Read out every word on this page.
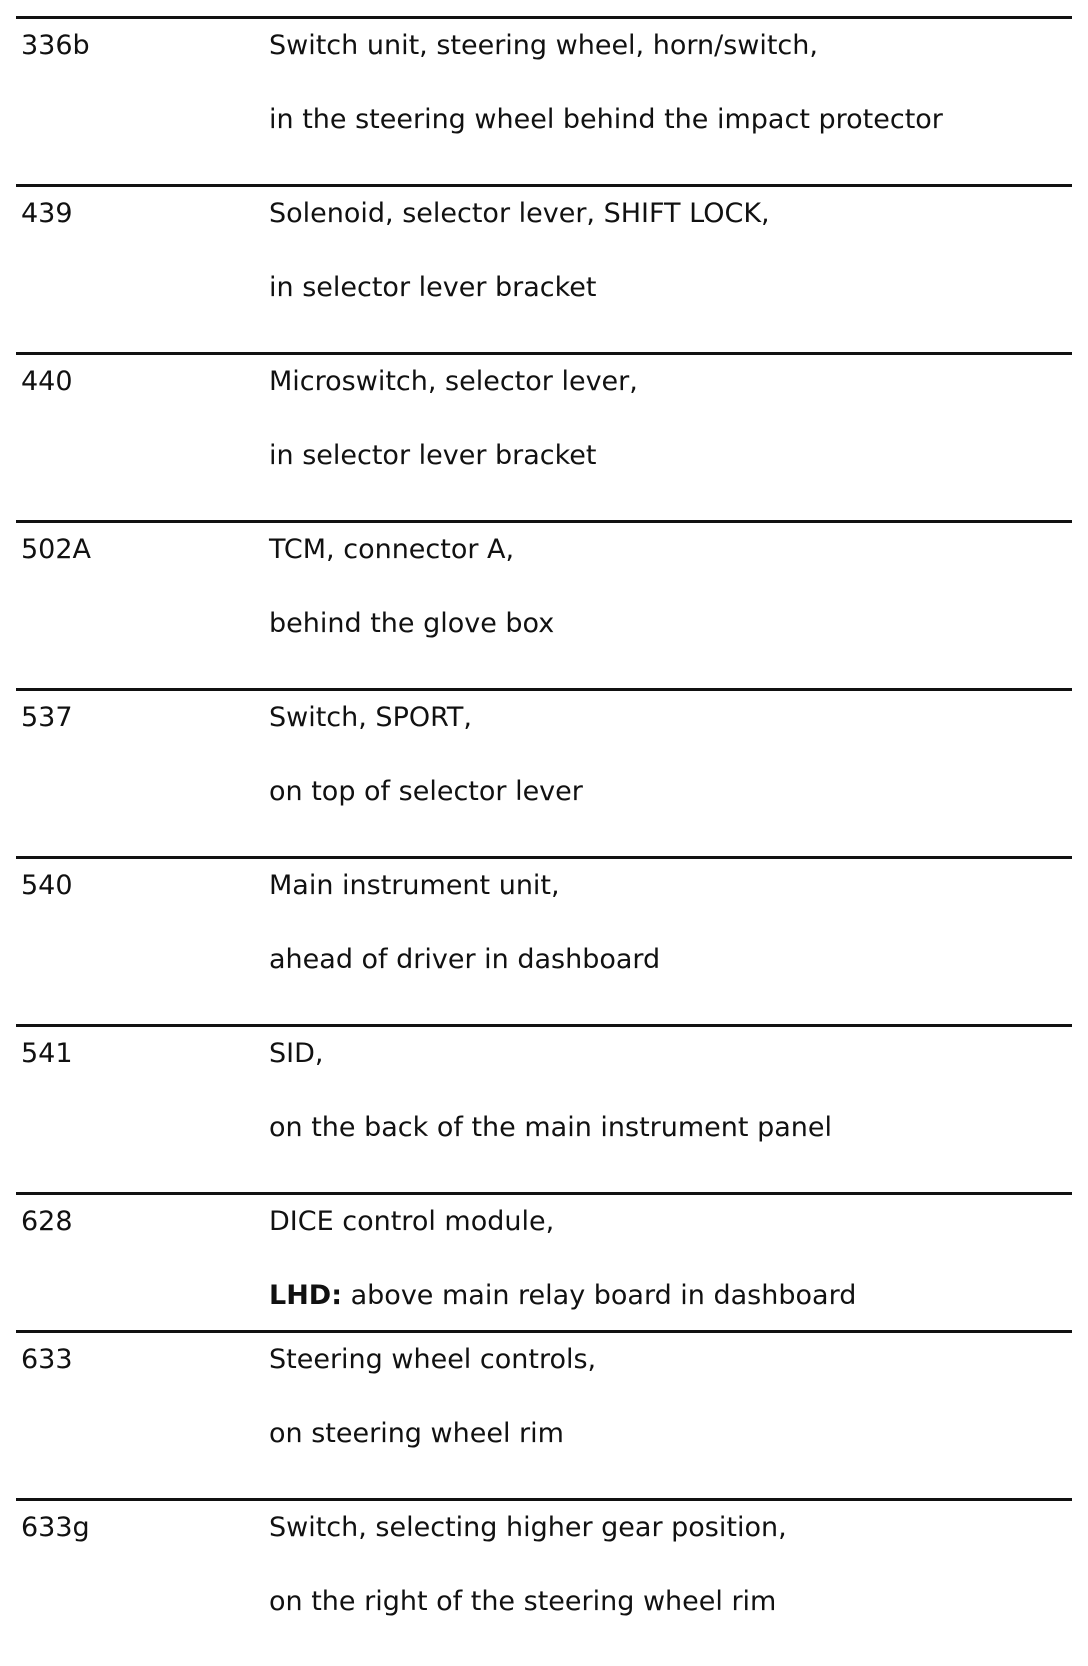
336b	Switch unit, steering wheel, horn/switch,
in the steering wheel behind the impact protector
439	Solenoid, selector lever, SHIFT LOCK,
in selector lever bracket
440	Microswitch, selector lever,
in selector lever bracket
502A	TCM, connector A,
behind the glove box
537	Switch, SPORT,
on top of selector lever
540	Main instrument unit,
ahead of driver in dashboard
541	SID,
on the back of the main instrument panel
628	DICE control module,
LHD: above main relay board in dashboard
633	Steering wheel controls,
on steering wheel rim
633g	Switch, selecting higher gear position,
on the right of the steering wheel rim
